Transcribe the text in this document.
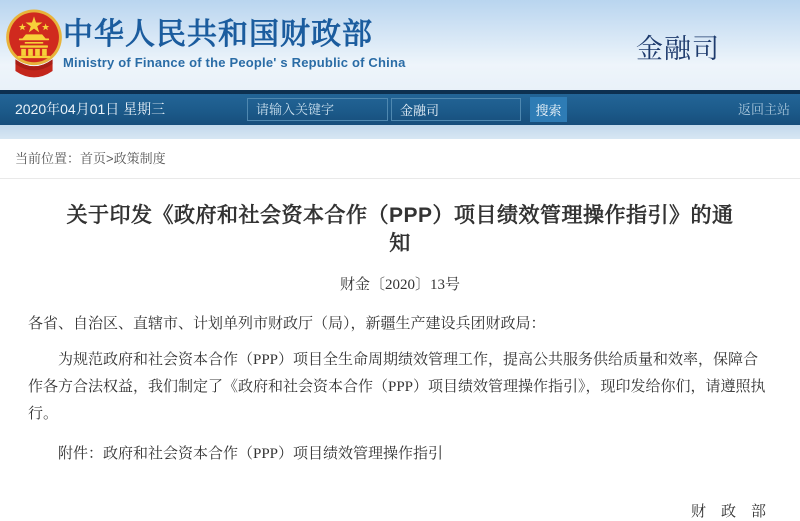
中华人民共和国财政部
Ministry of Finance of the People' s Republic of China	金融司
2020年04月01日 星期三
请输入关键字
金融司	搜索	返回主站
当前位置：首页>政策制度
关于印发《政府和社会资本合作（PPP）项目绩效管理操作指引》的通知
财金〔2020〕13号

各省、自治区、直辖市、计划单列市财政厅（局），新疆生产建设兵团财政局：

为规范政府和社会资本合作（PPP）项目全生命周期绩效管理工作，提高公共服务供给质量和效率，保障合作各方合法权益，我们制定了《政府和社会资本合作（PPP）项目绩效管理操作指引》，现印发给你们，请遵照执行。

附件：政府和社会资本合作（PPP）项目绩效管理操作指引

财　政　部
